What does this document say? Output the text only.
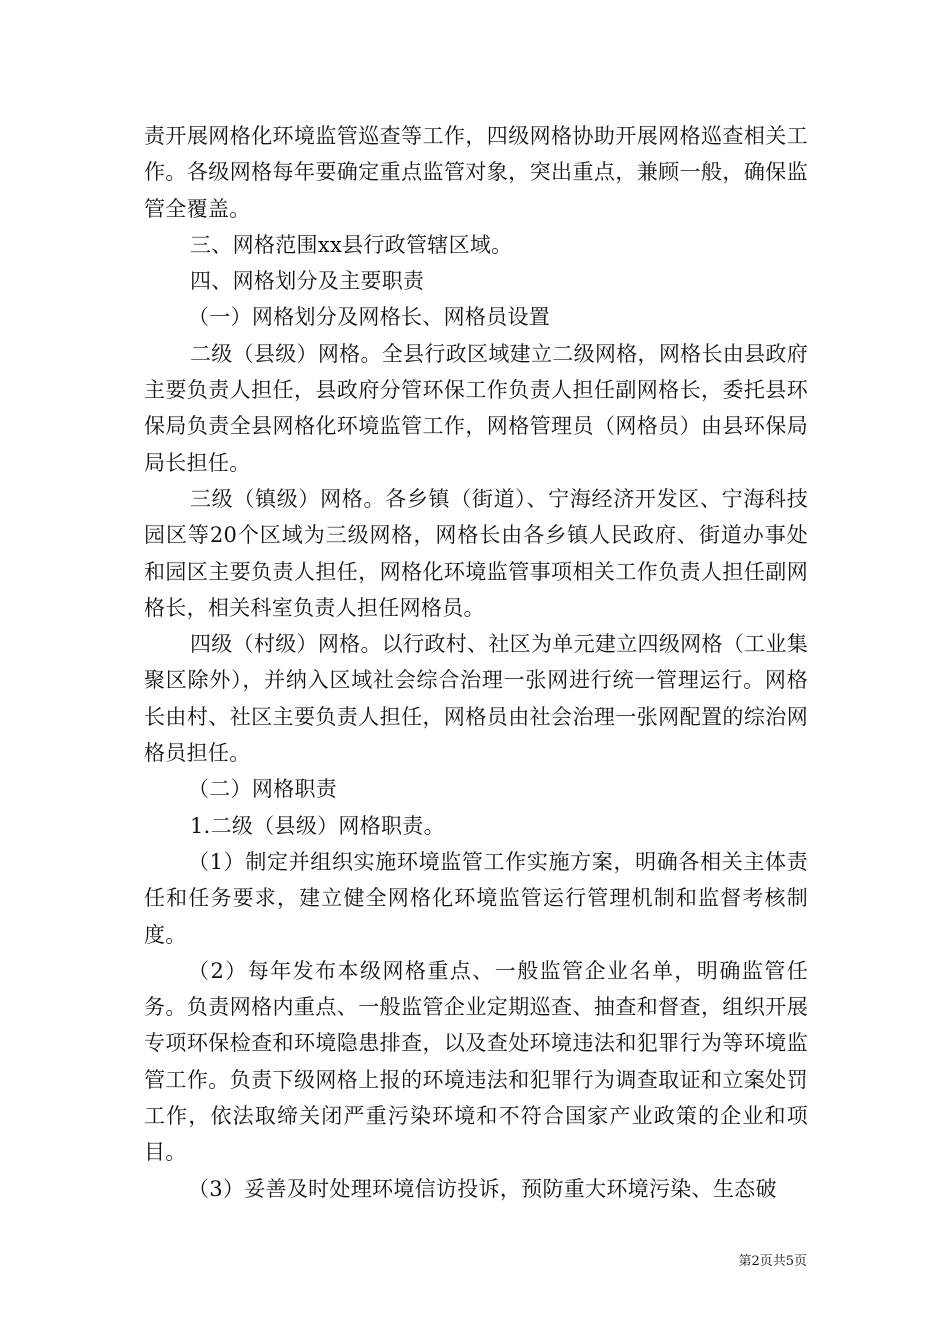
责开展网格化环境监管巡查等工作，四级网格协助开展网格巡查相关工作。各级网格每年要确定重点监管对象，突出重点，兼顾一般，确保监管全覆盖。

三、网格范围xx县行政管辖区域。

四、网格划分及主要职责

（一）网格划分及网格长、网格员设置

二级（县级）网格。全县行政区域建立二级网格，网格长由县政府主要负责人担任，县政府分管环保工作负责人担任副网格长，委托县环保局负责全县网格化环境监管工作，网格管理员（网格员）由县环保局局长担任。

三级（镇级）网格。各乡镇（街道）、宁海经济开发区、宁海科技园区等20个区域为三级网格，网格长由各乡镇人民政府、街道办事处和园区主要负责人担任，网格化环境监管事项相关工作负责人担任副网格长，相关科室负责人担任网格员。

四级（村级）网格。以行政村、社区为单元建立四级网格（工业集聚区除外），并纳入区域社会综合治理一张网进行统一管理运行。网格长由村、社区主要负责人担任，网格员由社会治理一张网配置的综治网格员担任。

（二）网格职责

1.二级（县级）网格职责。

（1）制定并组织实施环境监管工作实施方案，明确各相关主体责任和任务要求，建立健全网格化环境监管运行管理机制和监督考核制度。

（2）每年发布本级网格重点、一般监管企业名单，明确监管任务。负责网格内重点、一般监管企业定期巡查、抽查和督查，组织开展专项环保检查和环境隐患排查，以及查处环境违法和犯罪行为等环境监管工作。负责下级网格上报的环境违法和犯罪行为调查取证和立案处罚工作，依法取缔关闭严重污染环境和不符合国家产业政策的企业和项目。

（3）妥善及时处理环境信访投诉，预防重大环境污染、生态破

第2页共5页
